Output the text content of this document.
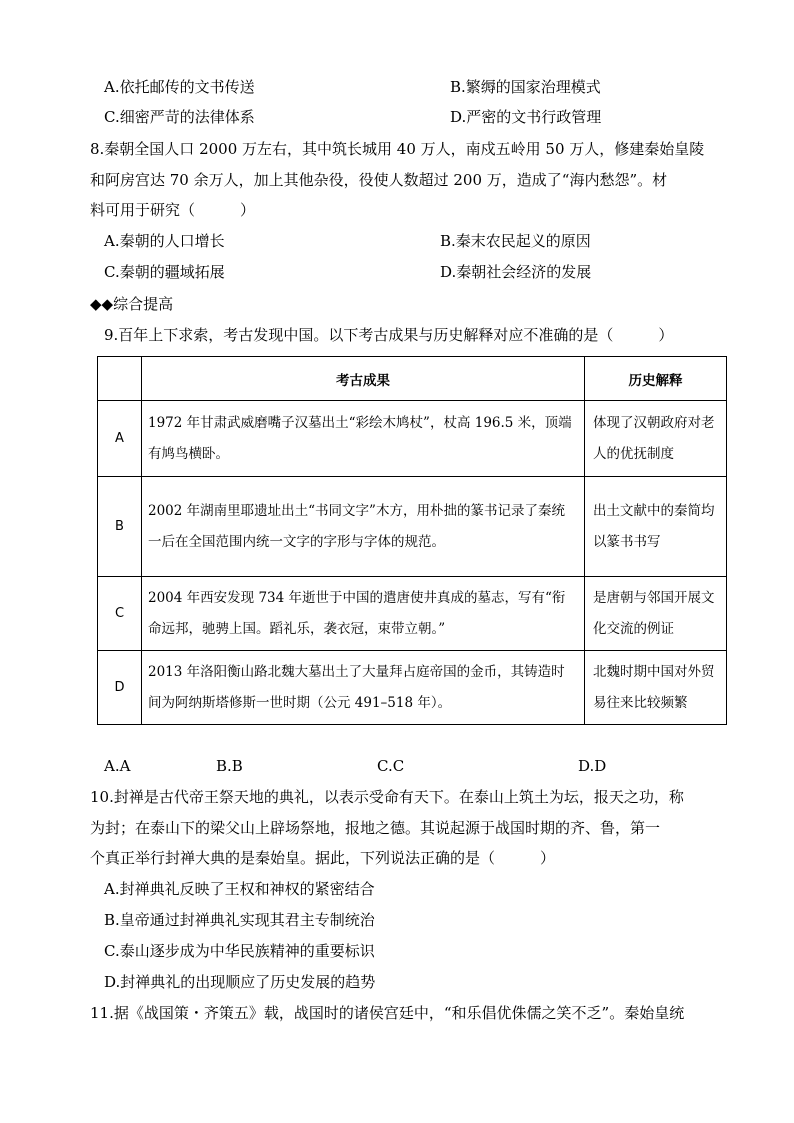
A.依托邮传的文书传送	B.繁缛的国家治理模式
C.细密严苛的法律体系	D.严密的文书行政管理
8.秦朝全国人口 2000 万左右，其中筑长城用 40 万人，南戍五岭用 50 万人，修建秦始皇陵
和阿房宫达 70 余万人，加上其他杂役，役使人数超过 200 万，造成了“海内愁怨”。材
料可用于研究（　　　）
A.秦朝的人口增长	B.秦末农民起义的原因
C.秦朝的疆域拓展	D.秦朝社会经济的发展
◆◆综合提高
9.百年上下求索，考古发现中国。以下考古成果与历史解释对应不准确的是（　　　）
	考古成果	历史解释
A	1972 年甘肃武威磨嘴子汉墓出土“彩绘木鸠杖”，杖高 196.5 米，顶端有鸠鸟横卧。	体现了汉朝政府对老人的优抚制度
B	2002 年湖南里耶遗址出土“书同文字”木方，用朴拙的篆书记录了秦统一后在全国范围内统一文字的字形与字体的规范。	出土文献中的秦简均以篆书书写
C	2004 年西安发现 734 年逝世于中国的遣唐使井真成的墓志，写有“衔命远邦，驰骋上国。蹈礼乐，袭衣冠，束带立朝。”	是唐朝与邻国开展文化交流的例证
D	2013 年洛阳衡山路北魏大墓出土了大量拜占庭帝国的金币，其铸造时间为阿纳斯塔修斯一世时期（公元 491–518 年）。	北魏时期中国对外贸易往来比较频繁
A.A	B.B	C.C	D.D
10.封禅是古代帝王祭天地的典礼，以表示受命有天下。在泰山上筑土为坛，报天之功，称
为封；在泰山下的梁父山上辟场祭地，报地之德。其说起源于战国时期的齐、鲁，第一
个真正举行封禅大典的是秦始皇。据此，下列说法正确的是（　　　）
A.封禅典礼反映了王权和神权的紧密结合
B.皇帝通过封禅典礼实现其君主专制统治
C.泰山逐步成为中华民族精神的重要标识
D.封禅典礼的出现顺应了历史发展的趋势
11.据《战国策・齐策五》载，战国时的诸侯宫廷中，“和乐倡优侏儒之笑不乏”。秦始皇统
